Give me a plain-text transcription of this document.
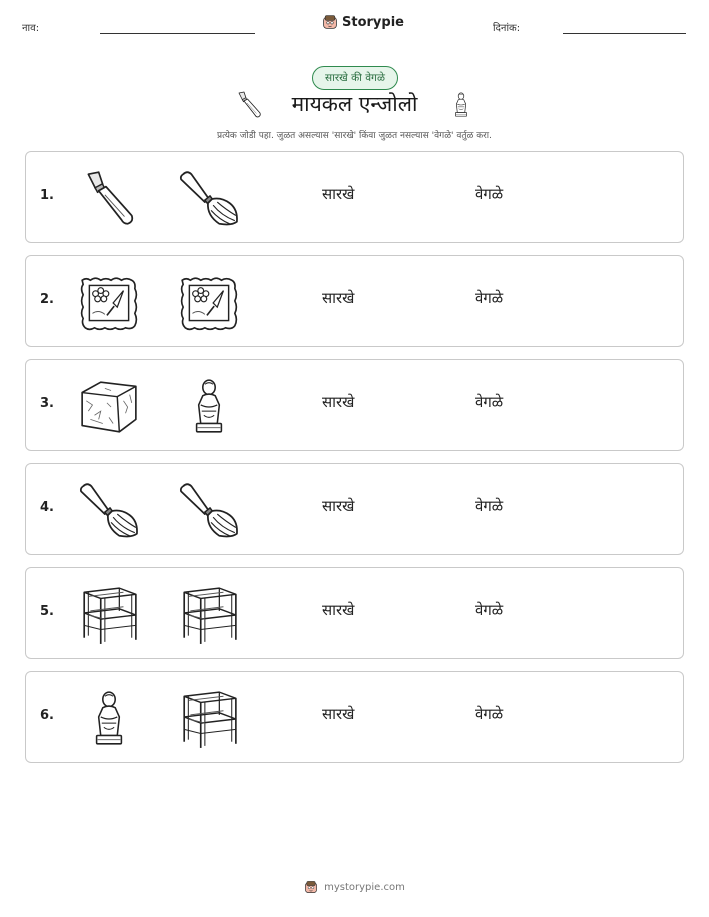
नाव:	Storypie	दिनांक:
सारखे की वेगळे
मायकल एन्जोलो
प्रत्येक जोडी पहा. जुळत असल्यास 'सारखे' किंवा जुळत नसल्यास 'वेगळे' वर्तुळ करा.
1.	सारखे	वेगळे
2.	सारखे	वेगळे
3.	सारखे	वेगळे
4.	सारखे	वेगळे
5.	सारखे	वेगळे
6.	सारखे	वेगळे
mystorypie.com
